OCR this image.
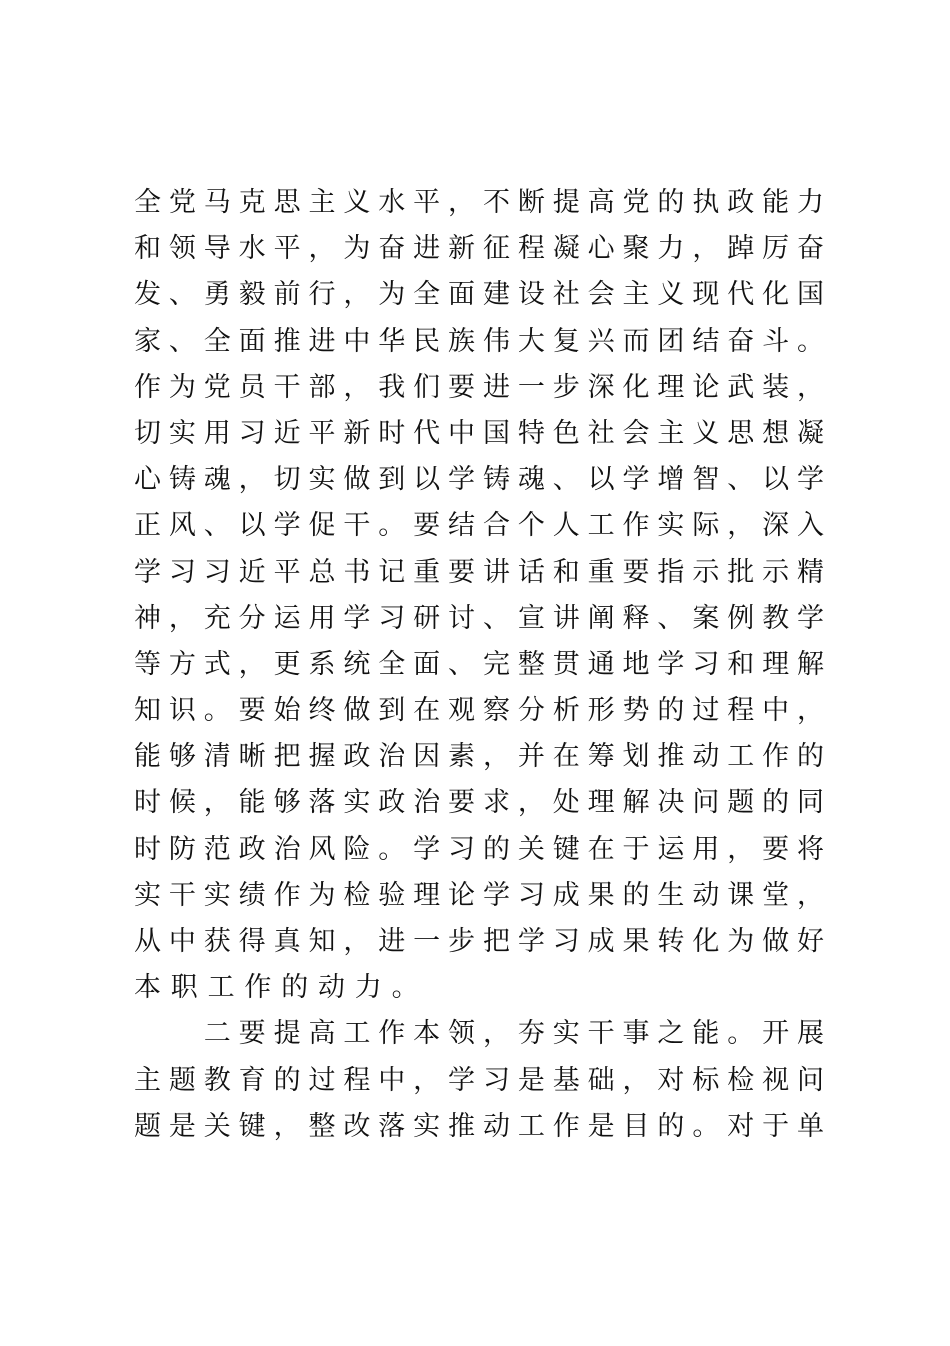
全党马克思主义水平，不断提高党的执政能力
和领导水平，为奋进新征程凝心聚力，踔厉奋
发、勇毅前行，为全面建设社会主义现代化国
家、全面推进中华民族伟大复兴而团结奋斗。
作为党员干部，我们要进一步深化理论武装，
切实用习近平新时代中国特色社会主义思想凝
心铸魂，切实做到以学铸魂、以学增智、以学
正风、以学促干。要结合个人工作实际，深入
学习习近平总书记重要讲话和重要指示批示精
神，充分运用学习研讨、宣讲阐释、案例教学
等方式，更系统全面、完整贯通地学习和理解
知识。要始终做到在观察分析形势的过程中，
能够清晰把握政治因素，并在筹划推动工作的
时候，能够落实政治要求，处理解决问题的同
时防范政治风险。学习的关键在于运用，要将
实干实绩作为检验理论学习成果的生动课堂，
从中获得真知，进一步把学习成果转化为做好
本职工作的动力。
　　二要提高工作本领，夯实干事之能。开展
主题教育的过程中，学习是基础，对标检视问
题是关键，整改落实推动工作是目的。对于单
